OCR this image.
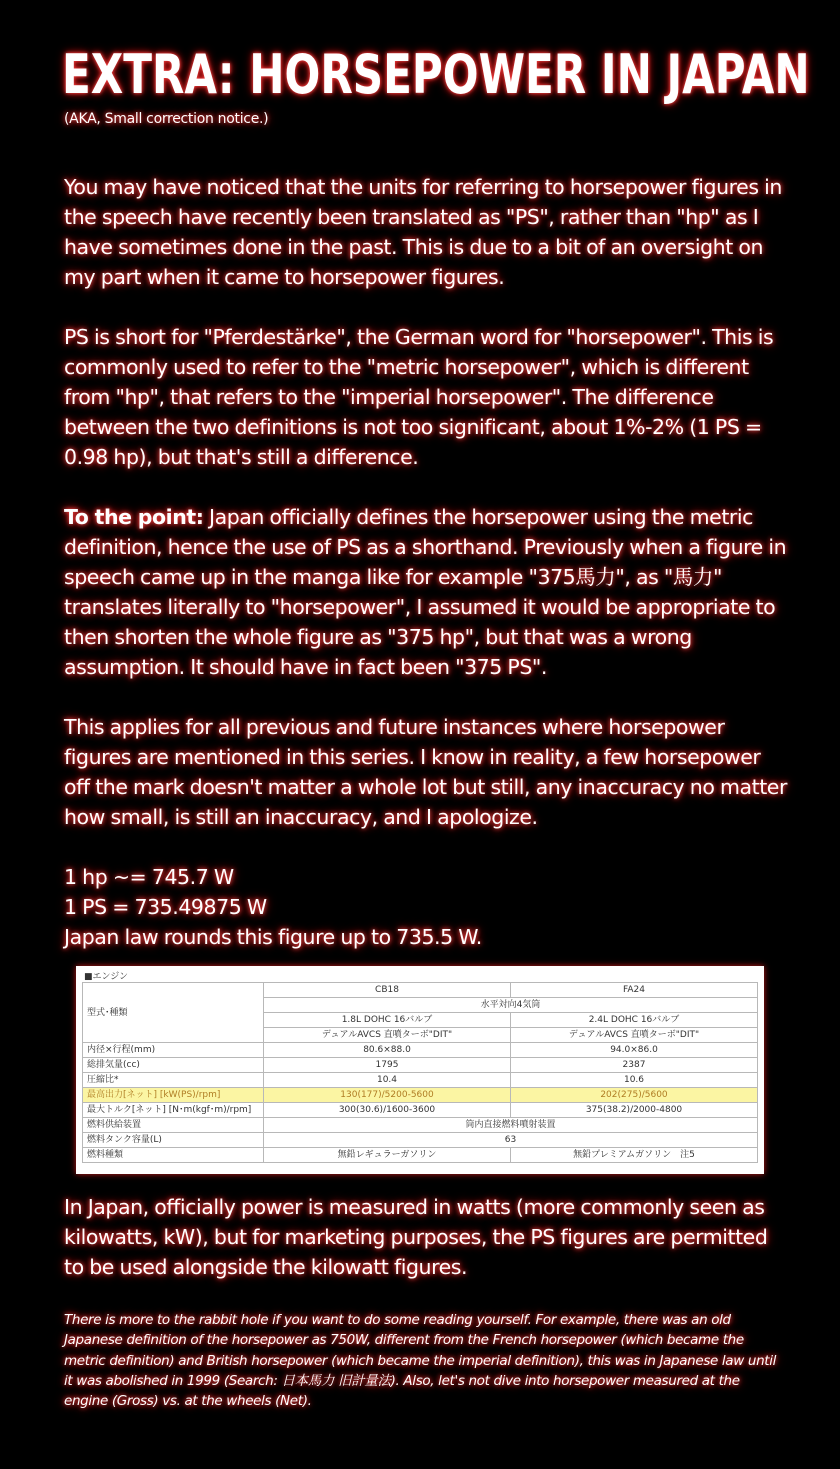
EXTRA: HORSEPOWER IN JAPAN
(AKA, Small correction notice.)
You may have noticed that the units for referring to horsepower figures in the speech have recently been translated as "PS", rather than "hp" as I have sometimes done in the past. This is due to a bit of an oversight on my part when it came to horsepower figures.
PS is short for "Pferdestärke", the German word for "horsepower". This is commonly used to refer to the "metric horsepower", which is different from "hp", that refers to the "imperial horsepower". The difference between the two definitions is not too significant, about 1%-2% (1 PS = 0.98 hp), but that's still a difference.
To the point: Japan officially defines the horsepower using the metric definition, hence the use of PS as a shorthand. Previously when a figure in speech came up in the manga like for example "375馬力", as "馬力" translates literally to "horsepower", I assumed it would be appropriate to then shorten the whole figure as "375 hp", but that was a wrong assumption. It should have in fact been "375 PS".
This applies for all previous and future instances where horsepower figures are mentioned in this series. I know in reality, a few horsepower off the mark doesn't matter a whole lot but still, any inaccuracy no matter how small, is still an inaccuracy, and I apologize.
1 hp ~= 745.7 W
1 PS = 735.49875 W
Japan law rounds this figure up to 735.5 W.
■エンジン
型式･種類	CB18	FA24
	水平対向4気筒	
	1.8L DOHC 16バルブ	2.4L DOHC 16バルブ
	デュアルAVCS 直噴ターボ"DIT"	デュアルAVCS 直噴ターボ"DIT"
内径×行程(mm)	80.6×88.0	94.0×86.0
総排気量(cc)	1795	2387
圧縮比*	10.4	10.6
最高出力[ネット] [kW(PS)/rpm]	130(177)/5200-5600	202(275)/5600
最大トルク[ネット] [N･m(kgf･m)/rpm]	300(30.6)/1600-3600	375(38.2)/2000-4800
燃料供給装置	筒内直接燃料噴射装置	
燃料タンク容量(L)	63	
燃料種類	無鉛レギュラーガソリン	無鉛プレミアムガソリン　注5
In Japan, officially power is measured in watts (more commonly seen as kilowatts, kW), but for marketing purposes, the PS figures are permitted to be used alongside the kilowatt figures.
There is more to the rabbit hole if you want to do some reading yourself. For example, there was an old Japanese definition of the horsepower as 750W, different from the French horsepower (which became the metric definition) and British horsepower (which became the imperial definition), this was in Japanese law until it was abolished in 1999 (Search: 日本馬力 旧計量法). Also, let's not dive into horsepower measured at the engine (Gross) vs. at the wheels (Net).
